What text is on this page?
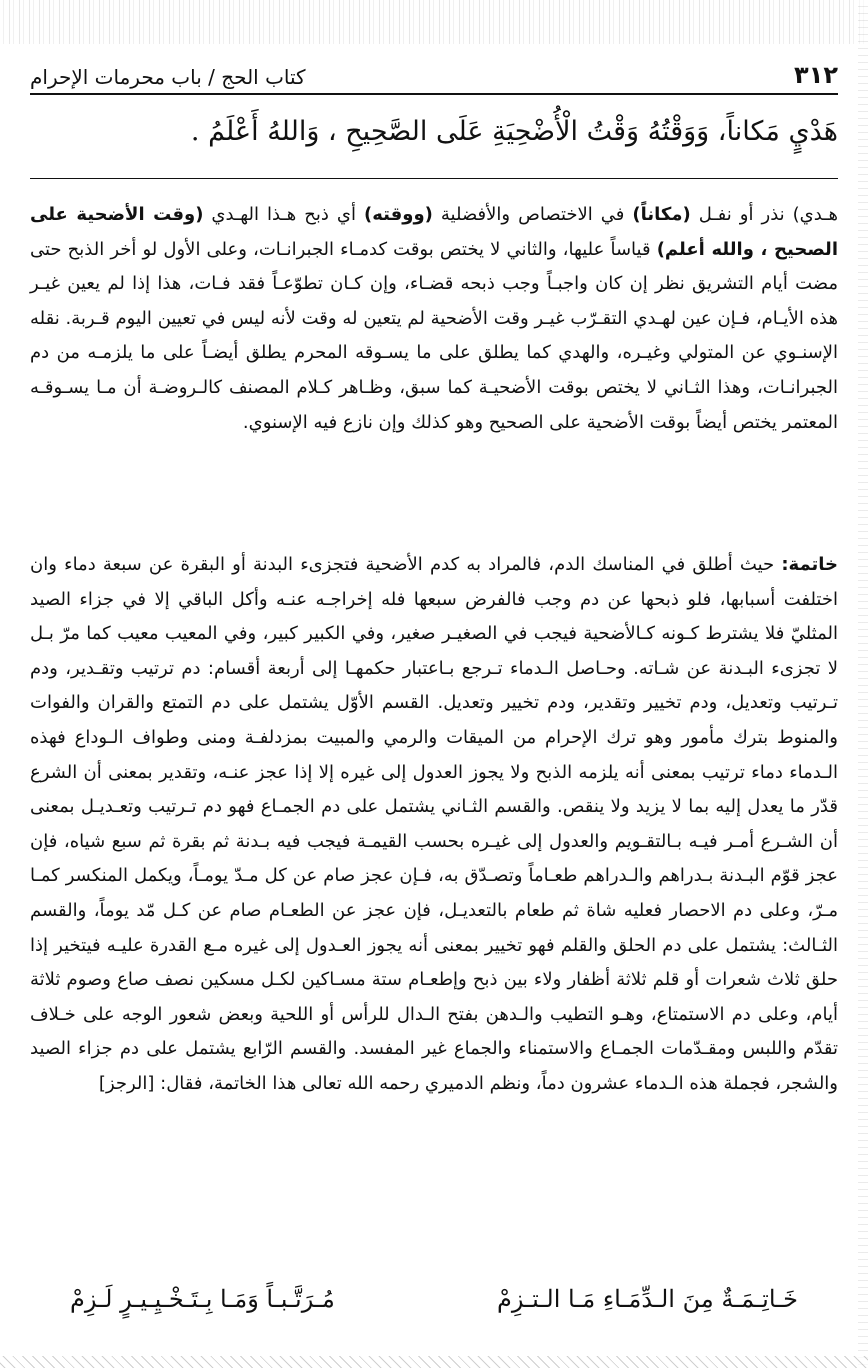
٣١٢
كتاب الحج / باب محرمات الإحرام
هَدْيٍ مَكاناً، وَوَقْتُهُ وَقْتُ الْأُضْحِيَةِ عَلَى الصَّحِيحِ ، وَاللهُ أَعْلَمُ .

هـدي) نذر أو نفـل (مكاناً) في الاختصاص والأفضلية (ووقته) أي ذبح هـذا الهـدي (وقت الأضحية على الصحيح ، والله أعلم) قياساً عليها، والثاني لا يختص بوقت كدمـاء الجبرانـات، وعلى الأول لو أخر الذبح حتى مضت أيام التشريق نظر إن كان واجبـاً وجب ذبحه قضـاء، وإن كـان تطوّعـاً فقد فـات، هذا إذا لم يعين غيـر هذه الأيـام، فـإن عين لهـدي التقـرّب غيـر وقت الأضحية لم يتعين له وقت لأنه ليس في تعيين اليوم قـربة. نقله الإسنـوي عن المتولي وغيـره، والهدي كما يطلق على ما يسـوقه المحرم يطلق أيضـاً على ما يلزمـه من دم الجبرانـات، وهذا الثـاني لا يختص بوقت الأضحيـة كما سبق، وظـاهر كـلام المصنف كالـروضـة أن مـا يسـوقـه المعتمر يختص أيضاً بوقت الأضحية على الصحيح وهو كذلك وإن نازع فيه الإسنوي.

خاتمة: حيث أطلق في المناسك الدم، فالمراد به كدم الأضحية فتجزىء البدنة أو البقرة عن سبعة دماء وان اختلفت أسبابها، فلو ذبحها عن دم وجب فالفرض سبعها فله إخراجـه عنـه وأكل الباقي إلا في جزاء الصيد المثليّ فلا يشترط كـونه كـالأضحية فيجب في الصغيـر صغير، وفي الكبير كبير، وفي المعيب معيب كما مرّ بـل لا تجزىء البـدنة عن شـاته. وحـاصل الـدماء تـرجع بـاعتبار حكمهـا إلى أربعة أقسام: دم ترتيب وتقـدير، ودم تـرتيب وتعديل، ودم تخيير وتقدير، ودم تخيير وتعديل. القسم الأوّل يشتمل على دم التمتع والقران والفوات والمنوط بترك مأمور وهو ترك الإحرام من الميقات والرمي والمبيت بمزدلفـة ومنى وطواف الـوداع فهذه الـدماء دماء ترتيب بمعنى أنه يلزمه الذبح ولا يجوز العدول إلى غيره إلا إذا عجز عنـه، وتقدير بمعنى أن الشرع قدّر ما يعدل إليه بما لا يزيد ولا ينقص. والقسم الثـاني يشتمل على دم الجمـاع فهو دم تـرتيب وتعـديـل بمعنى أن الشـرع أمـر فيـه بـالتقـويم والعدول إلى غيـره بحسب القيمـة فيجب فيه بـدنة ثم بقرة ثم سبع شياه، فإن عجز قوّم البـدنة بـدراهم والـدراهم طعـاماً وتصـدّق به، فـإن عجز صام عن كل مـدّ يومـاً، ويكمل المنكسر كمـا مـرّ، وعلى دم الاحصار فعليه شاة ثم طعام بالتعديـل، فإن عجز عن الطعـام صام عن كـل مّد يوماً، والقسم الثـالث: يشتمل على دم الحلق والقلم فهو تخيير بمعنى أنه يجوز العـدول إلى غيره مـع القدرة عليـه فيتخير إذا حلق ثلاث شعرات أو قلم ثلاثة أظفار ولاء بين ذبح وإطعـام ستة مسـاكين لكـل مسكين نصف صاع وصوم ثلاثة أيام، وعلى دم الاستمتاع، وهـو التطيب والـدهن بفتح الـدال للرأس أو اللحية وبعض شعور الوجه على خـلاف تقدّم واللبس ومقـدّمات الجمـاع والاستمناء والجماع غير المفسد. والقسم الرّابع يشتمل على دم جزاء الصيد والشجر، فجملة هذه الـدماء عشرون دماً، ونظم الدميري رحمه الله تعالى هذا الخاتمة، فقال: [الرجز]

خَـاتِـمَـةٌ مِنَ الـدِّمَـاءِ مَـا الـتـزِمْ
مُـرَتَّـبـاً وَمَـا بِـتَـخْـيِـيـرٍ لَـزِمْ
